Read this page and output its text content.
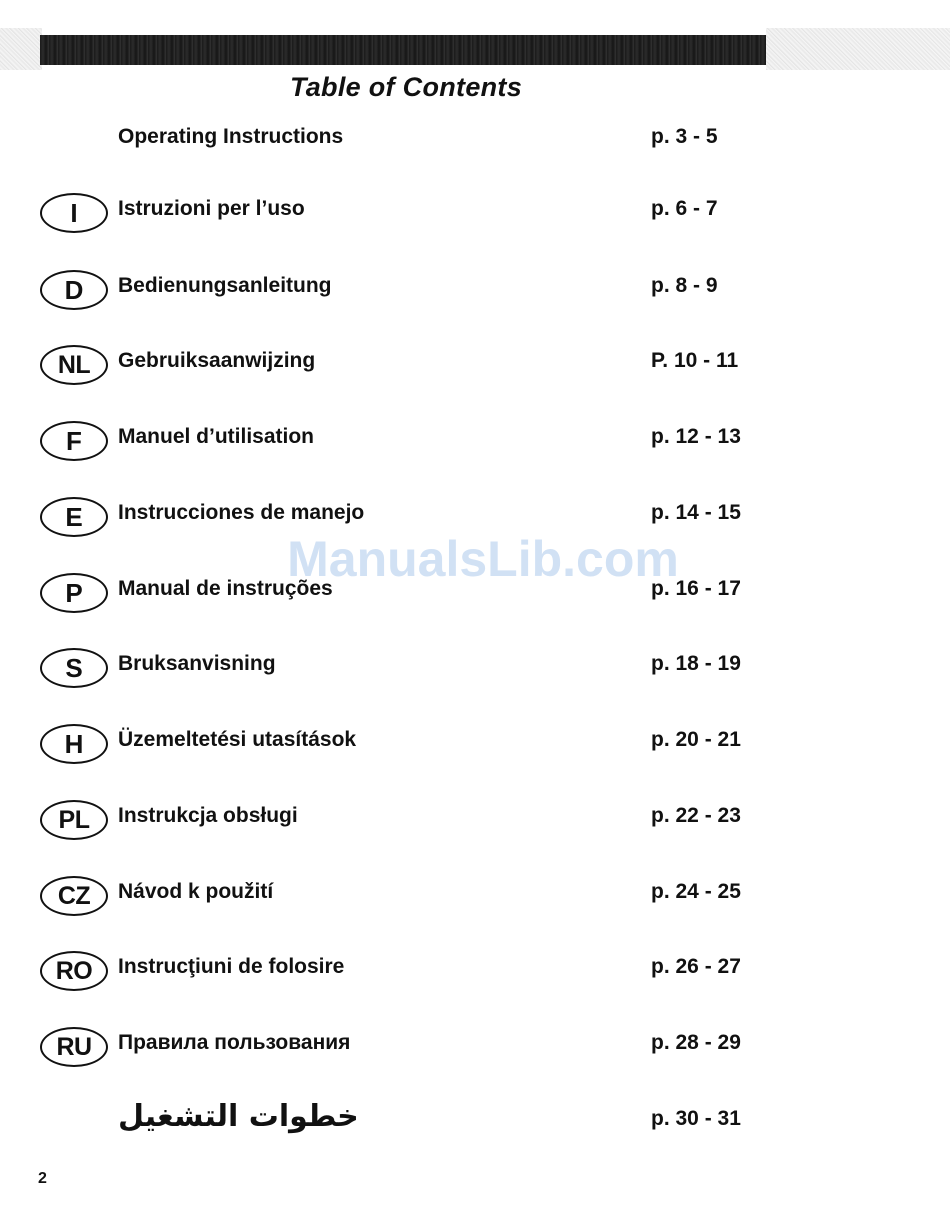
Table of Contents
Operating Instructions	p. 3 - 5
I	Istruzioni per l’uso	p. 6 - 7
D	Bedienungsanleitung	p. 8 - 9
NL	Gebruiksaanwijzing	P. 10 - 11
F	Manuel d’utilisation	p. 12 - 13
E	Instrucciones de manejo	p. 14 - 15
P	Manual de instruções	p. 16 - 17
S	Bruksanvisning	p. 18 - 19
H	Üzemeltetési utasítások	p. 20 - 21
PL	Instrukcja obsługi	p. 22 - 23
CZ	Návod k použití	p. 24 - 25
RO	Instrucţiuni de folosire	p. 26 - 27
RU	Правила пользования	p. 28 - 29
خطوات التشغيل	p. 30 - 31
ManualsLib.com
2
